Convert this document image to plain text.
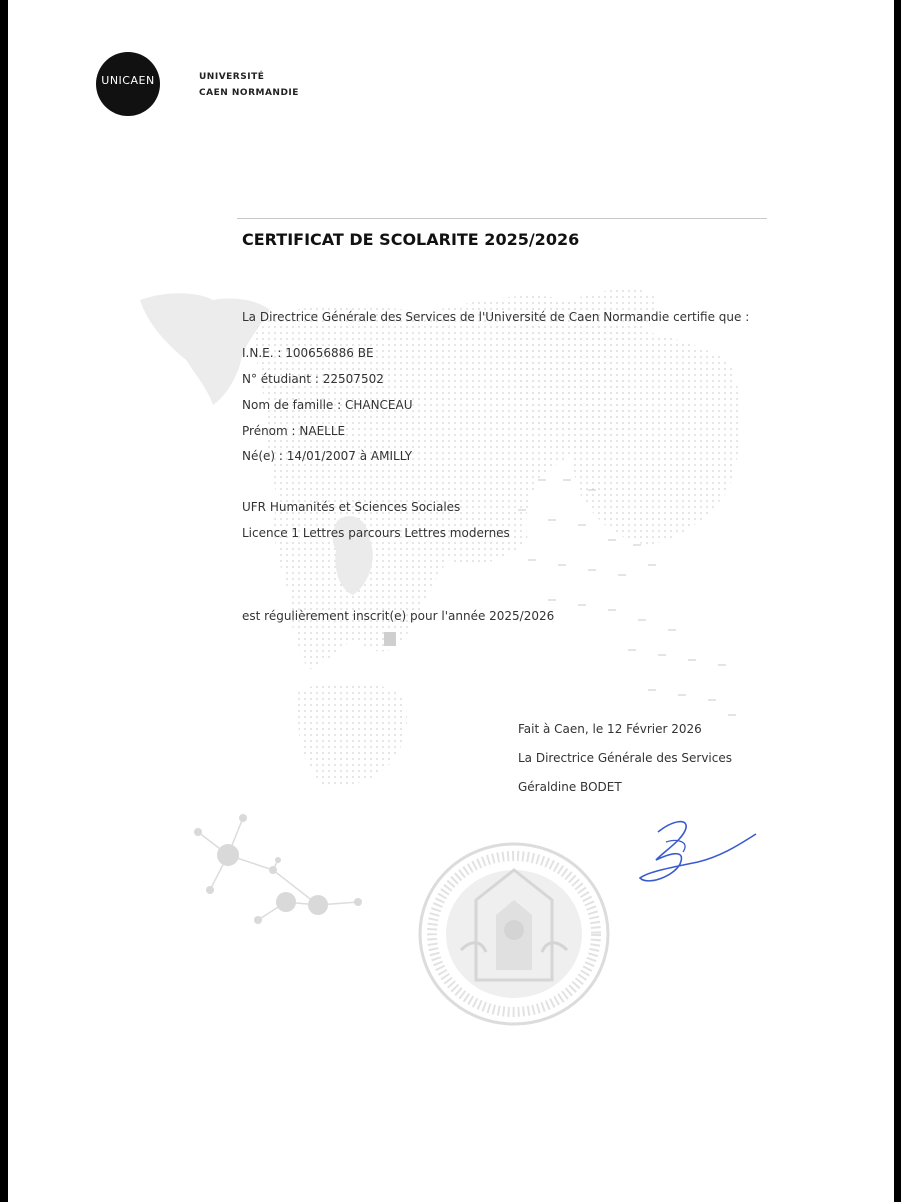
UNICAEN	UNIVERSITÉ
CAEN NORMANDIE
CERTIFICAT DE SCOLARITE 2025/2026
La Directrice Générale des Services de l'Université de Caen Normandie certifie que :
I.N.E. : 100656886 BE
N° étudiant : 22507502
Nom de famille : CHANCEAU
Prénom : NAELLE
Né(e) : 14/01/2007 à AMILLY
UFR Humanités et Sciences Sociales
Licence 1 Lettres parcours Lettres modernes
est régulièrement inscrit(e) pour l'année 2025/2026
Fait à Caen, le 12 Février 2026
La Directrice Générale des Services
Géraldine BODET
